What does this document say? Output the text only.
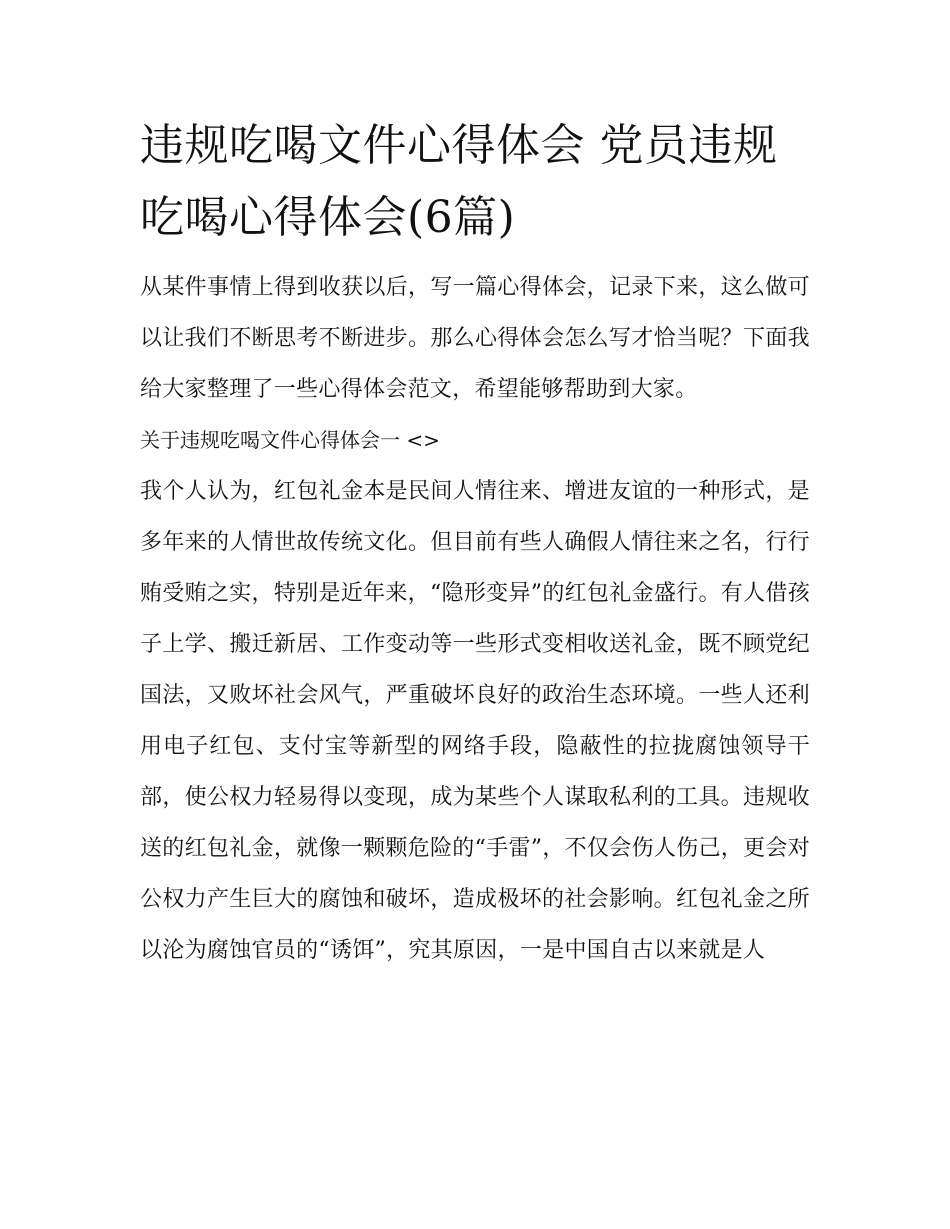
违规吃喝文件心得体会 党员违规吃喝心得体会(6篇)

从某件事情上得到收获以后，写一篇心得体会，记录下来，这么做可以让我们不断思考不断进步。那么心得体会怎么写才恰当呢？下面我给大家整理了一些心得体会范文，希望能够帮助到大家。

关于违规吃喝文件心得体会一 <>

我个人认为，红包礼金本是民间人情往来、增进友谊的一种形式，是多年来的人情世故传统文化。但目前有些人确假人情往来之名，行行贿受贿之实，特别是近年来，“隐形变异”的红包礼金盛行。有人借孩子上学、搬迁新居、工作变动等一些形式变相收送礼金，既不顾党纪国法，又败坏社会风气，严重破坏良好的政治生态环境。一些人还利用电子红包、支付宝等新型的网络手段，隐蔽性的拉拢腐蚀领导干部，使公权力轻易得以变现，成为某些个人谋取私利的工具。违规收送的红包礼金，就像一颗颗危险的“手雷”，不仅会伤人伤己，更会对公权力产生巨大的腐蚀和破坏，造成极坏的社会影响。红包礼金之所以沦为腐蚀官员的“诱饵”，究其原因，一是中国自古以来就是人
